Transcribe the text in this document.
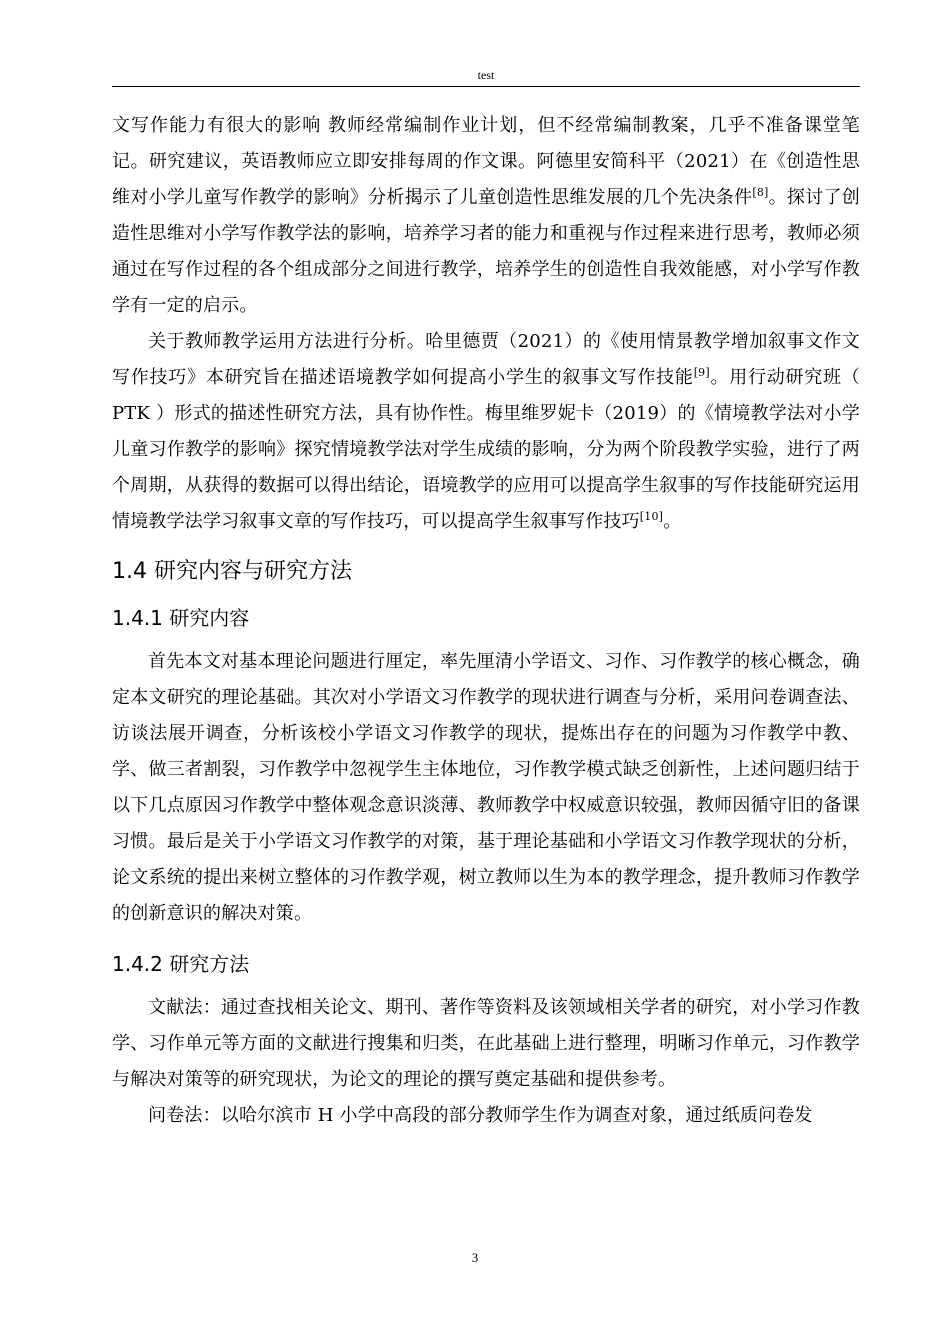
test

文写作能力有很大的影响 教师经常编制作业计划，但不经常编制教案，几乎不准备课堂笔记。研究建议，英语教师应立即安排每周的作文课。阿德里安简科平（2021）在《创造性思维对小学儿童写作教学的影响》分析揭示了儿童创造性思维发展的几个先决条件[8]。探讨了创造性思维对小学写作教学法的影响，培养学习者的能力和重视与作过程来进行思考，教师必须通过在写作过程的各个组成部分之间进行教学，培养学生的创造性自我效能感，对小学写作教学有一定的启示。

关于教师教学运用方法进行分析。哈里德贾（2021）的《使用情景教学增加叙事文作文写作技巧》本研究旨在描述语境教学如何提高小学生的叙事文写作技能[9]。用行动研究班（ PTK ）形式的描述性研究方法，具有协作性。梅里维罗妮卡（2019）的《情境教学法对小学儿童习作教学的影响》探究情境教学法对学生成绩的影响，分为两个阶段教学实验，进行了两个周期，从获得的数据可以得出结论，语境教学的应用可以提高学生叙事的写作技能研究运用情境教学法学习叙事文章的写作技巧，可以提高学生叙事写作技巧[10]。

1.4 研究内容与研究方法
1.4.1 研究内容

首先本文对基本理论问题进行厘定，率先厘清小学语文、习作、习作教学的核心概念，确定本文研究的理论基础。其次对小学语文习作教学的现状进行调查与分析，采用问卷调查法、访谈法展开调查，分析该校小学语文习作教学的现状，提炼出存在的问题为习作教学中教、学、做三者割裂，习作教学中忽视学生主体地位，习作教学模式缺乏创新性，上述问题归结于以下几点原因习作教学中整体观念意识淡薄、教师教学中权威意识较强，教师因循守旧的备课习惯。最后是关于小学语文习作教学的对策，基于理论基础和小学语文习作教学现状的分析，论文系统的提出来树立整体的习作教学观，树立教师以生为本的教学理念，提升教师习作教学的创新意识的解决对策。

1.4.2 研究方法

文献法：通过查找相关论文、期刊、著作等资料及该领域相关学者的研究，对小学习作教学、习作单元等方面的文献进行搜集和归类，在此基础上进行整理，明晰习作单元，习作教学与解决对策等的研究现状，为论文的理论的撰写奠定基础和提供参考。

问卷法：以哈尔滨市 H 小学中高段的部分教师学生作为调查对象，通过纸质问卷发

3
